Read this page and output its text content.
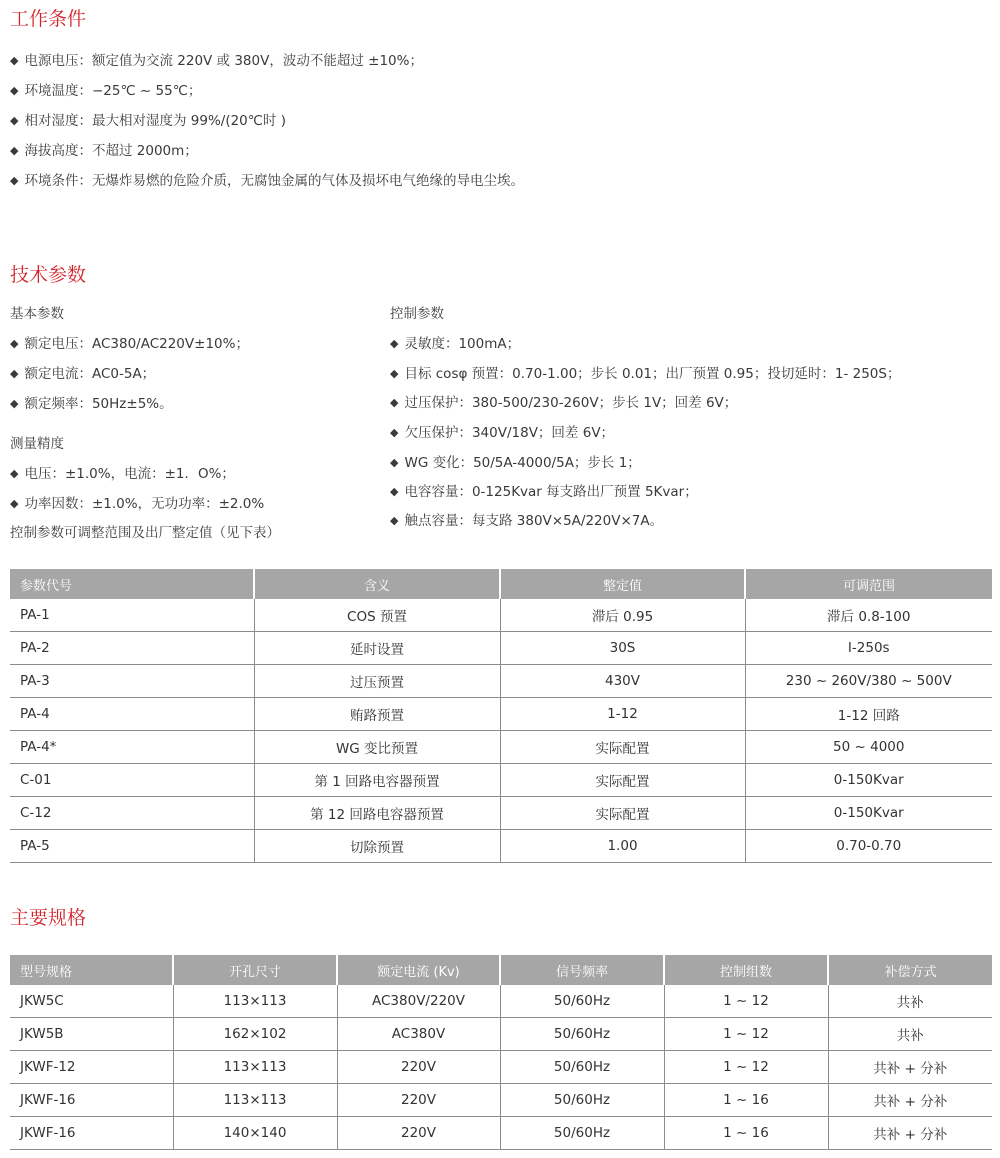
工作条件
◆ 电源电压：额定值为交流 220V 或 380V，波动不能超过 ±10%；
◆ 环境温度：−25℃ ~ 55℃；
◆ 相对湿度：最大相对湿度为 99%/(20℃时 )
◆ 海拔高度：不超过 2000m；
◆ 环境条件：无爆炸易燃的危险介质，无腐蚀金属的气体及损坏电气绝缘的导电尘埃。
技术参数
基本参数
◆ 额定电压：AC380/AC220V±10%；
◆ 额定电流：AC0-5A；
◆ 额定频率：50Hz±5%。
测量精度
◆ 电压：±1.0%，电流：±1．O%；
◆ 功率因数：±1.0%，无功功率：±2.0%
控制参数可调整范围及出厂整定值（见下表）
控制参数
◆ 灵敏度：100mA；
◆ 目标 cosφ 预置：0.70-1.00；步长 0.01；出厂预置 0.95；投切延时：1- 250S；
◆ 过压保护：380-500/230-260V；步长 1V；回差 6V；
◆ 欠压保护：340V/18V；回差 6V；
◆ WG 变化：50/5A-4000/5A；步长 1；
◆ 电容容量：0-125Kvar 每支路出厂预置 5Kvar；
◆ 触点容量：每支路 380V×5A/220V×7A。
参数代号	含义	整定值	可调范围
PA-1	COS 预置	滞后 0.95	滞后 0.8-100
PA-2	延时设置	30S	I-250s
PA-3	过压预置	430V	230 ~ 260V/380 ~ 500V
PA-4	贿路预置	1-12	1-12 回路
PA-4*	WG 变比预置	实际配置	50 ~ 4000
C-01	第 1 回路电容器预置	实际配置	0-150Kvar
C-12	第 12 回路电容器预置	实际配置	0-150Kvar
PA-5	切除预置	1.00	0.70-0.70
主要规格
型号规格	开孔尺寸	额定电流 (Kv)	信号频率	控制组数	补偿方式
JKW5C	113×113	AC380V/220V	50/60Hz	1 ~ 12	共补
JKW5B	162×102	AC380V	50/60Hz	1 ~ 12	共补
JKWF-12	113×113	220V	50/60Hz	1 ~ 12	共补 + 分补
JKWF-16	113×113	220V	50/60Hz	1 ~ 16	共补 + 分补
JKWF-16	140×140	220V	50/60Hz	1 ~ 16	共补 + 分补
